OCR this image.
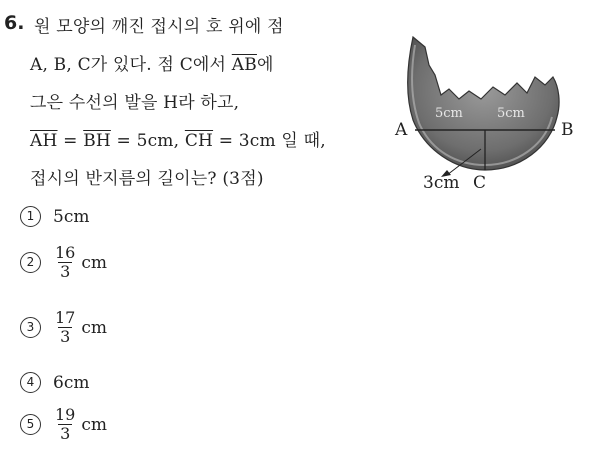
6. 원 모양의 깨진 접시의 호 위에 점
A, B, C가 있다. 점 C에서 $\overline{AB}$에
그은 수선의 발을 H라 하고,
$\overline{AH} = \overline{BH} = 5cm$, $\overline{CH} = 3cm$ 일 때,
접시의 반지름의 길이는? (3점)
5cm	5cm
A	B
3cm C
1	5cm
2	$\frac{16}{3}$ cm
3	$\frac{17}{3}$ cm
4	6cm
5	$\frac{19}{3}$ cm
